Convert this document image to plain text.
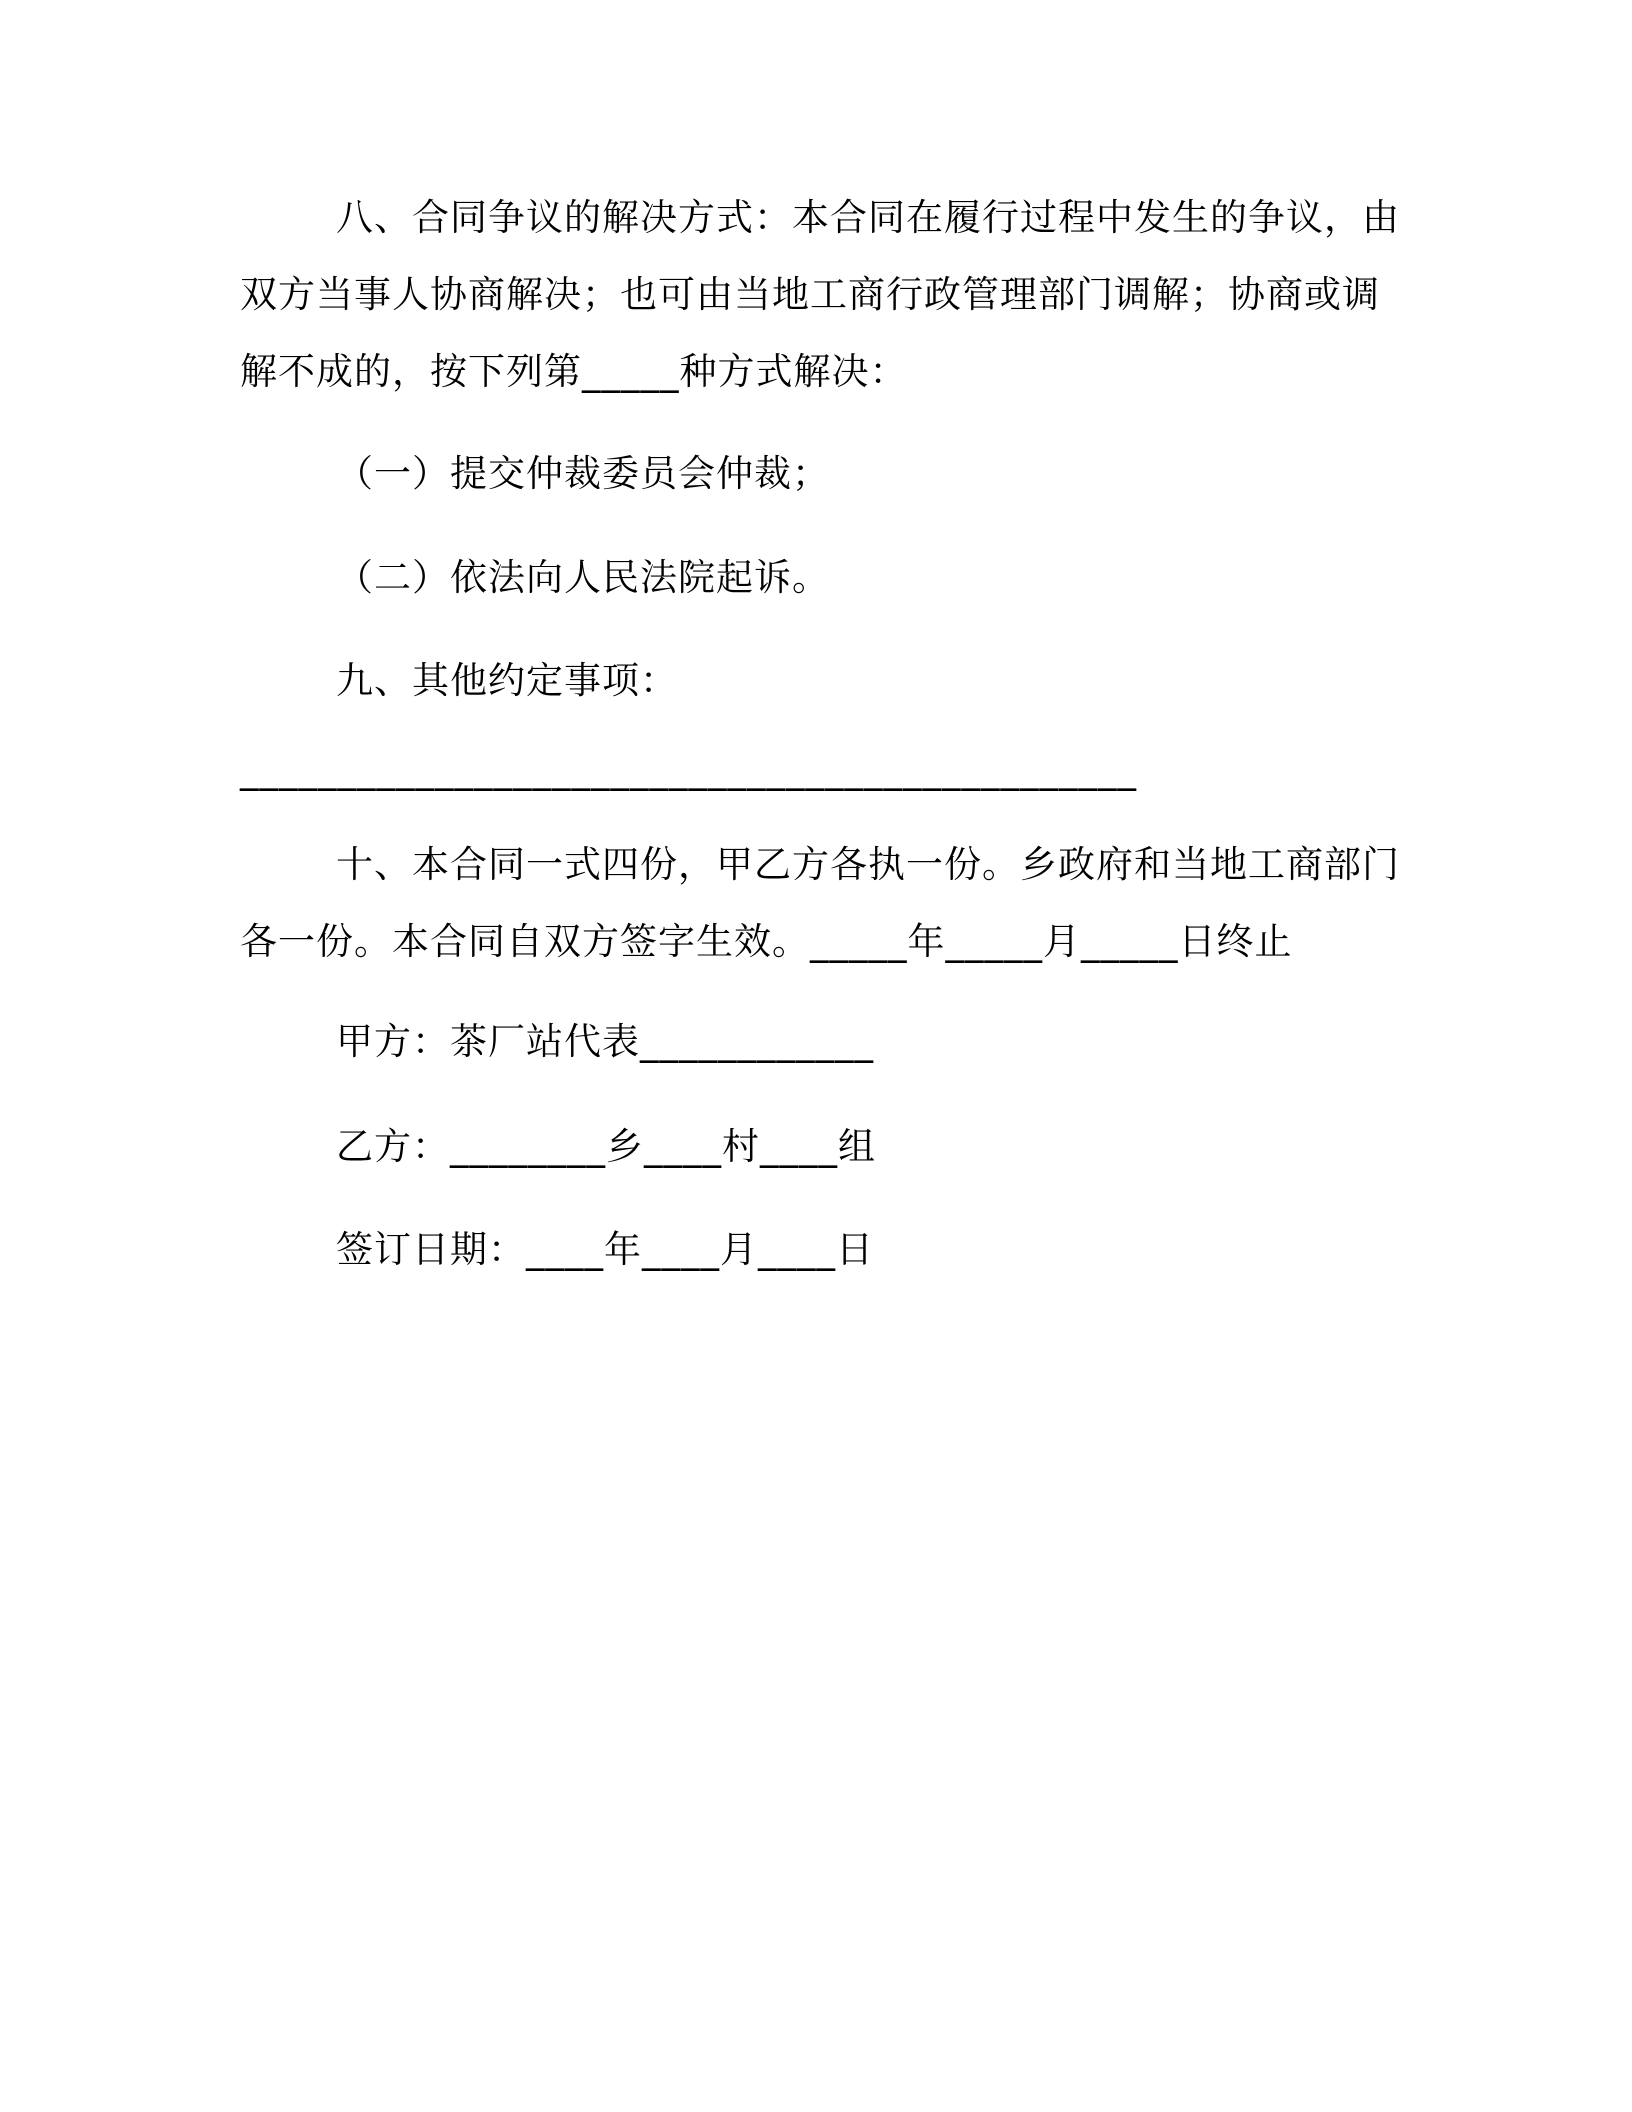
八、合同争议的解决方式：本合同在履行过程中发生的争议，由
双方当事人协商解决；也可由当地工商行政管理部门调解；协商或调
解不成的，按下列第_____种方式解决：
（一）提交仲裁委员会仲裁；
（二）依法向人民法院起诉。
九、其他约定事项：
______________________________________________
十、本合同一式四份，甲乙方各执一份。乡政府和当地工商部门
各一份。本合同自双方签字生效。_____年_____月_____日终止
甲方：茶厂站代表____________
乙方：________乡____村____组
签订日期：____年____月____日
